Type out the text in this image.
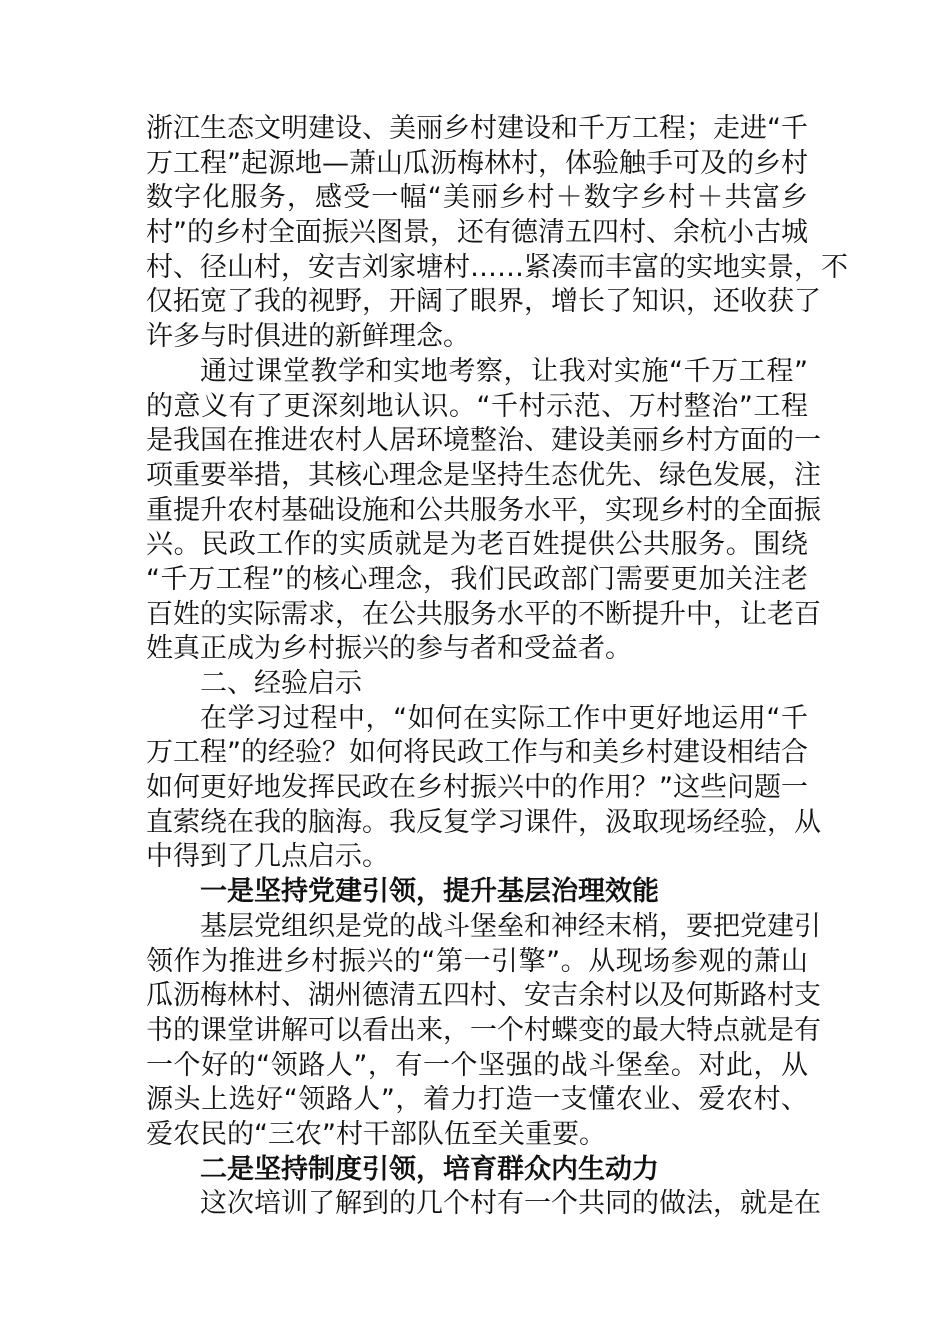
浙江生态文明建设、美丽乡村建设和千万工程；走进“千
万工程”起源地—萧山瓜沥梅林村，体验触手可及的乡村
数字化服务，感受一幅“美丽乡村＋数字乡村＋共富乡
村”的乡村全面振兴图景，还有德清五四村、余杭小古城
村、径山村，安吉刘家塘村……紧凑而丰富的实地实景，不
仅拓宽了我的视野，开阔了眼界，增长了知识，还收获了
许多与时俱进的新鲜理念。
通过课堂教学和实地考察，让我对实施“千万工程”
的意义有了更深刻地认识。“千村示范、万村整治”工程
是我国在推进农村人居环境整治、建设美丽乡村方面的一
项重要举措，其核心理念是坚持生态优先、绿色发展，注
重提升农村基础设施和公共服务水平，实现乡村的全面振
兴。民政工作的实质就是为老百姓提供公共服务。围绕
“千万工程”的核心理念，我们民政部门需要更加关注老
百姓的实际需求，在公共服务水平的不断提升中，让老百
姓真正成为乡村振兴的参与者和受益者。
二、经验启示
在学习过程中，“如何在实际工作中更好地运用“千
万工程”的经验？如何将民政工作与和美乡村建设相结合
如何更好地发挥民政在乡村振兴中的作用？”这些问题一
直萦绕在我的脑海。我反复学习课件，汲取现场经验，从
中得到了几点启示。
一是坚持党建引领，提升基层治理效能
基层党组织是党的战斗堡垒和神经末梢，要把党建引
领作为推进乡村振兴的“第一引擎”。从现场参观的萧山
瓜沥梅林村、湖州德清五四村、安吉余村以及何斯路村支
书的课堂讲解可以看出来，一个村蝶变的最大特点就是有
一个好的“领路人”，有一个坚强的战斗堡垒。对此，从
源头上选好“领路人”，着力打造一支懂农业、爱农村、
爱农民的“三农”村干部队伍至关重要。
二是坚持制度引领，培育群众内生动力
这次培训了解到的几个村有一个共同的做法，就是在
